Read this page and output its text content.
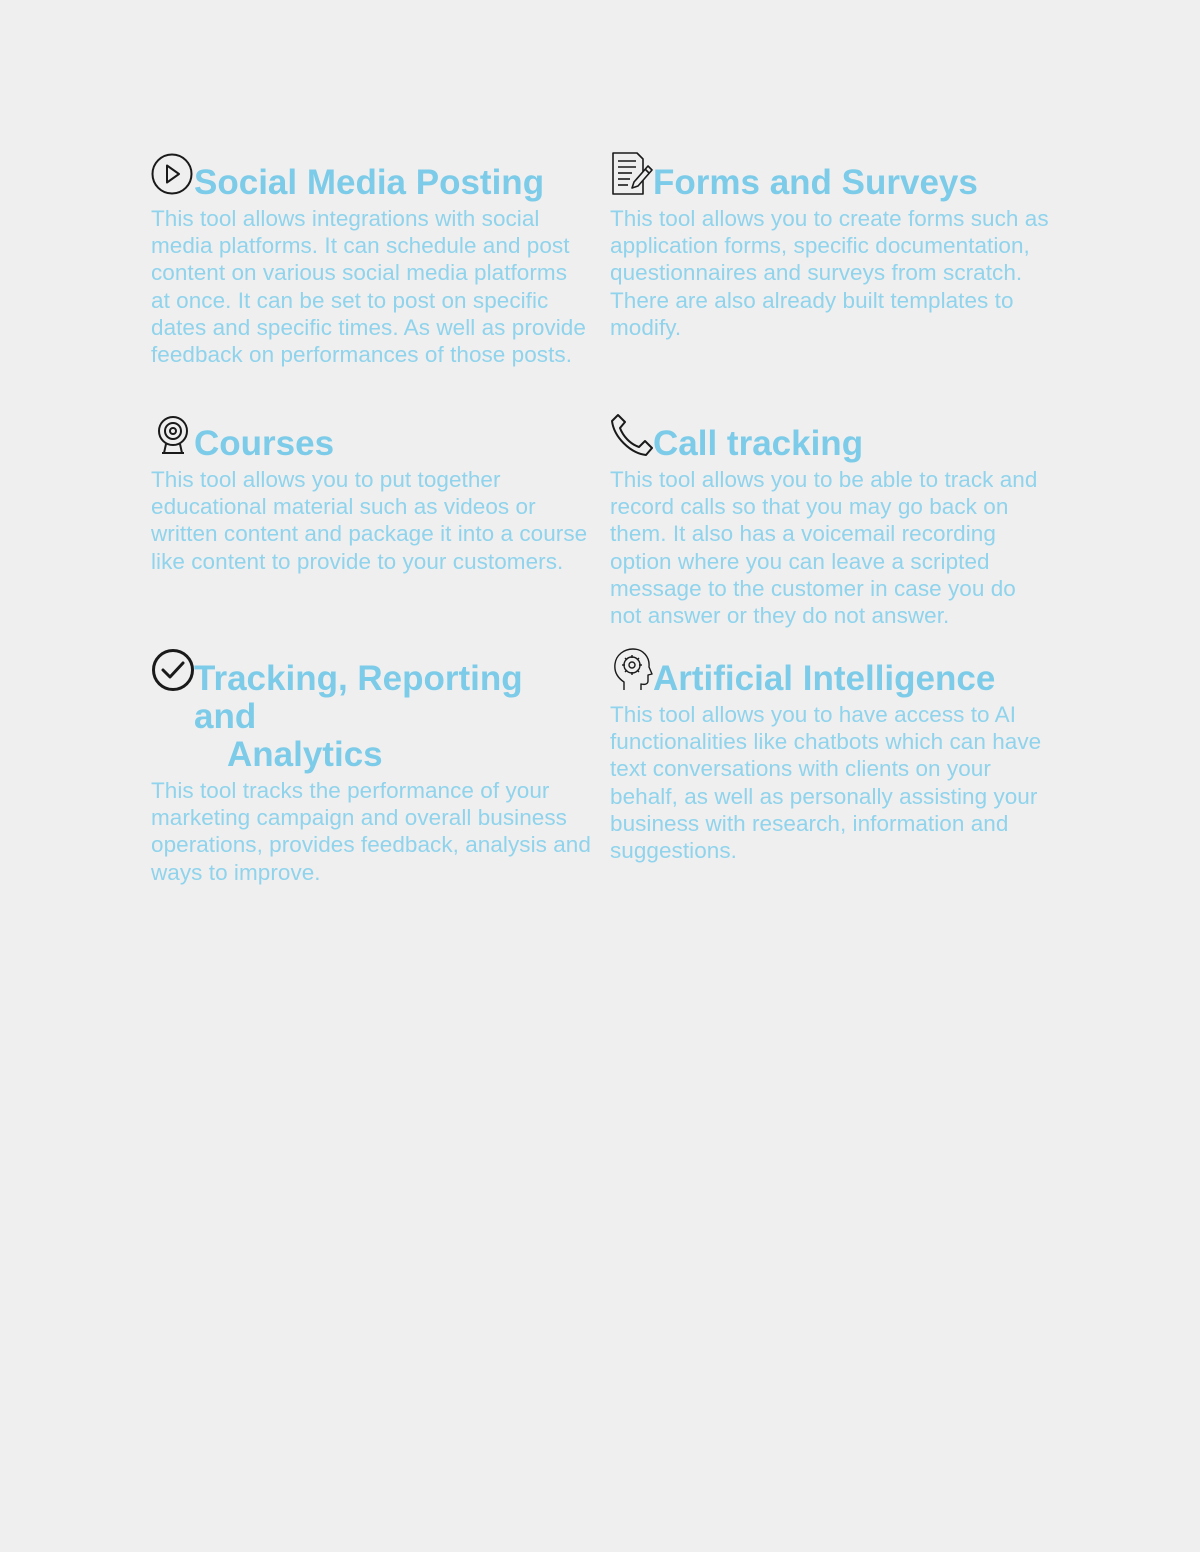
Social Media Posting

This tool allows integrations with social media platforms. It can schedule and post content on various social media platforms at once. It can be set to post on specific dates and specific times. As well as provide feedback on performances of those posts.

Forms and Surveys

This tool allows you to create forms such as application forms, specific documentation, questionnaires and surveys from scratch. There are also already built templates to modify.

Courses

This tool allows you to put together educational material such as videos or written content and package it into a course like content to provide to your customers.

Call tracking

This tool allows you to be able to track and record calls so that you may go back on them. It also has a voicemail recording option where you can leave a scripted message to the customer in case you do not answer or they do not answer.

Tracking, Reporting and
Analytics

This tool tracks the performance of your marketing campaign and overall business operations, provides feedback, analysis and ways to improve.

Artificial Intelligence

This tool allows you to have access to AI functionalities like chatbots which can have text conversations with clients on your behalf, as well as personally assisting your business with research, information and suggestions.
